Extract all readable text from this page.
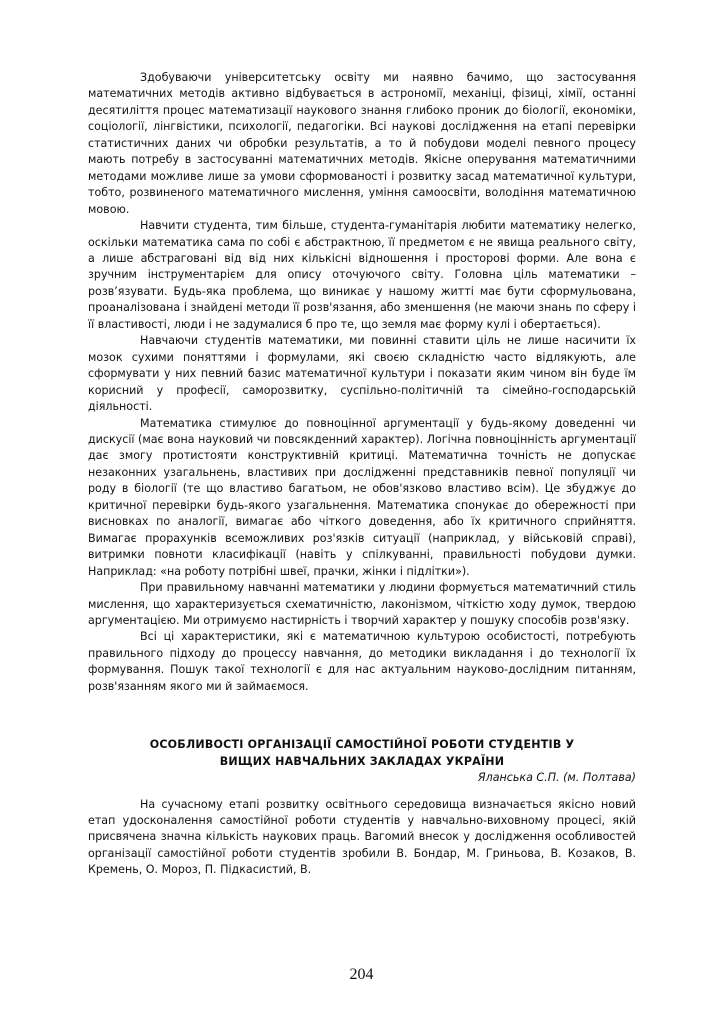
Здобуваючи університетську освіту ми наявно бачимо, що застосування математичних методів активно відбувається в астрономії, механіці, фізиці, хімії, останні десятиліття процес математизації наукового знання глибоко проник до біології, економіки, соціології, лінгвістики, психології, педагогіки. Всі наукові дослідження на етапі перевірки статистичних даних чи обробки результатів, а то й побудови моделі певного процесу мають потребу в застосуванні математичних методів. Якісне оперування математичними методами можливе лише за умови сформованості і розвитку засад математичної культури, тобто, розвиненого математичного мислення, уміння самоосвіти, володіння математичною мовою.

Навчити студента, тим більше, студента-гуманітарія любити математику нелегко, оскільки математика сама по собі є абстрактною, її предметом є не явища реального світу, а лише абстраговані від від них кількісні відношення і просторові форми. Але вона є зручним інструментарієм для опису оточуючого світу. Головна ціль математики – розв’язувати. Будь-яка проблема, що виникає у нашому житті має бути сформульована, проаналізована і знайдені методи її розв'язання, або зменшення (не маючи знань по сферу і її властивості, люди і не задумалися б про те, що земля має форму кулі і обертається).

Навчаючи студентів математики, ми повинні ставити ціль не лише насичити їх мозок сухими поняттями і формулами, які своєю складністю часто відлякують, але сформувати у них певний базис математичної культури і показати яким чином він буде їм корисний у професії, саморозвитку, суспільно-політичній та сімейно-господарській діяльності.

Математика стимулює до повноцінної аргументації у будь-якому доведенні чи дискусії (має вона науковий чи повсякденний характер). Логічна повноцінність аргументації дає змогу протистояти конструктивній критиці. Математична точність не допускає незаконних узагальнень, властивих при дослідженні представників певної популяції чи роду в біології (те що властиво багатьом, не обов'язково властиво всім). Це збуджує до критичної перевірки будь-якого узагальнення. Математика спонукає до обережності при висновках по аналогії, вимагає або чіткого доведення, або їх критичного сприйняття. Вимагає прорахунків всеможливих роз'язків ситуації (наприклад, у військовій справі), витримки повноти класифікації (навіть у спілкуванні, правильності побудови думки. Наприклад: «на роботу потрібні швеї, прачки, жінки і підлітки»).

При правильному навчанні математики у людини формується математичний стиль мислення, що характеризується схематичністю, лаконізмом, чіткістю ходу думок, твердою аргументацією. Ми отримуємо настирність і творчий характер у пошуку способів розв'язку.

Всі ці характеристики, які є математичною культурою особистості, потребують правильного підходу до процессу навчання, до методики викладання і до технології їх формування. Пошук такої технології є для нас актуальним науково-дослідним питанням, розв'язанням якого ми й займаємося.

ОСОБЛИВОСТІ ОРГАНІЗАЦІЇ САМОСТІЙНОЇ РОБОТИ СТУДЕНТІВ У
ВИЩИХ НАВЧАЛЬНИХ ЗАКЛАДАХ УКРАЇНИ
Яланська С.П. (м. Полтава)

На сучасному етапі розвитку освітнього середовища визначається якісно новий етап удосконалення самостійної роботи студентів у навчально-виховному процесі, якій присвячена значна кількість наукових праць. Вагомий внесок у дослідження особливостей організації самостійної роботи студентів зробили В. Бондар, М. Гриньова, В. Козаков, В. Кремень, О. Мороз, П. Підкасистий, В.

204
